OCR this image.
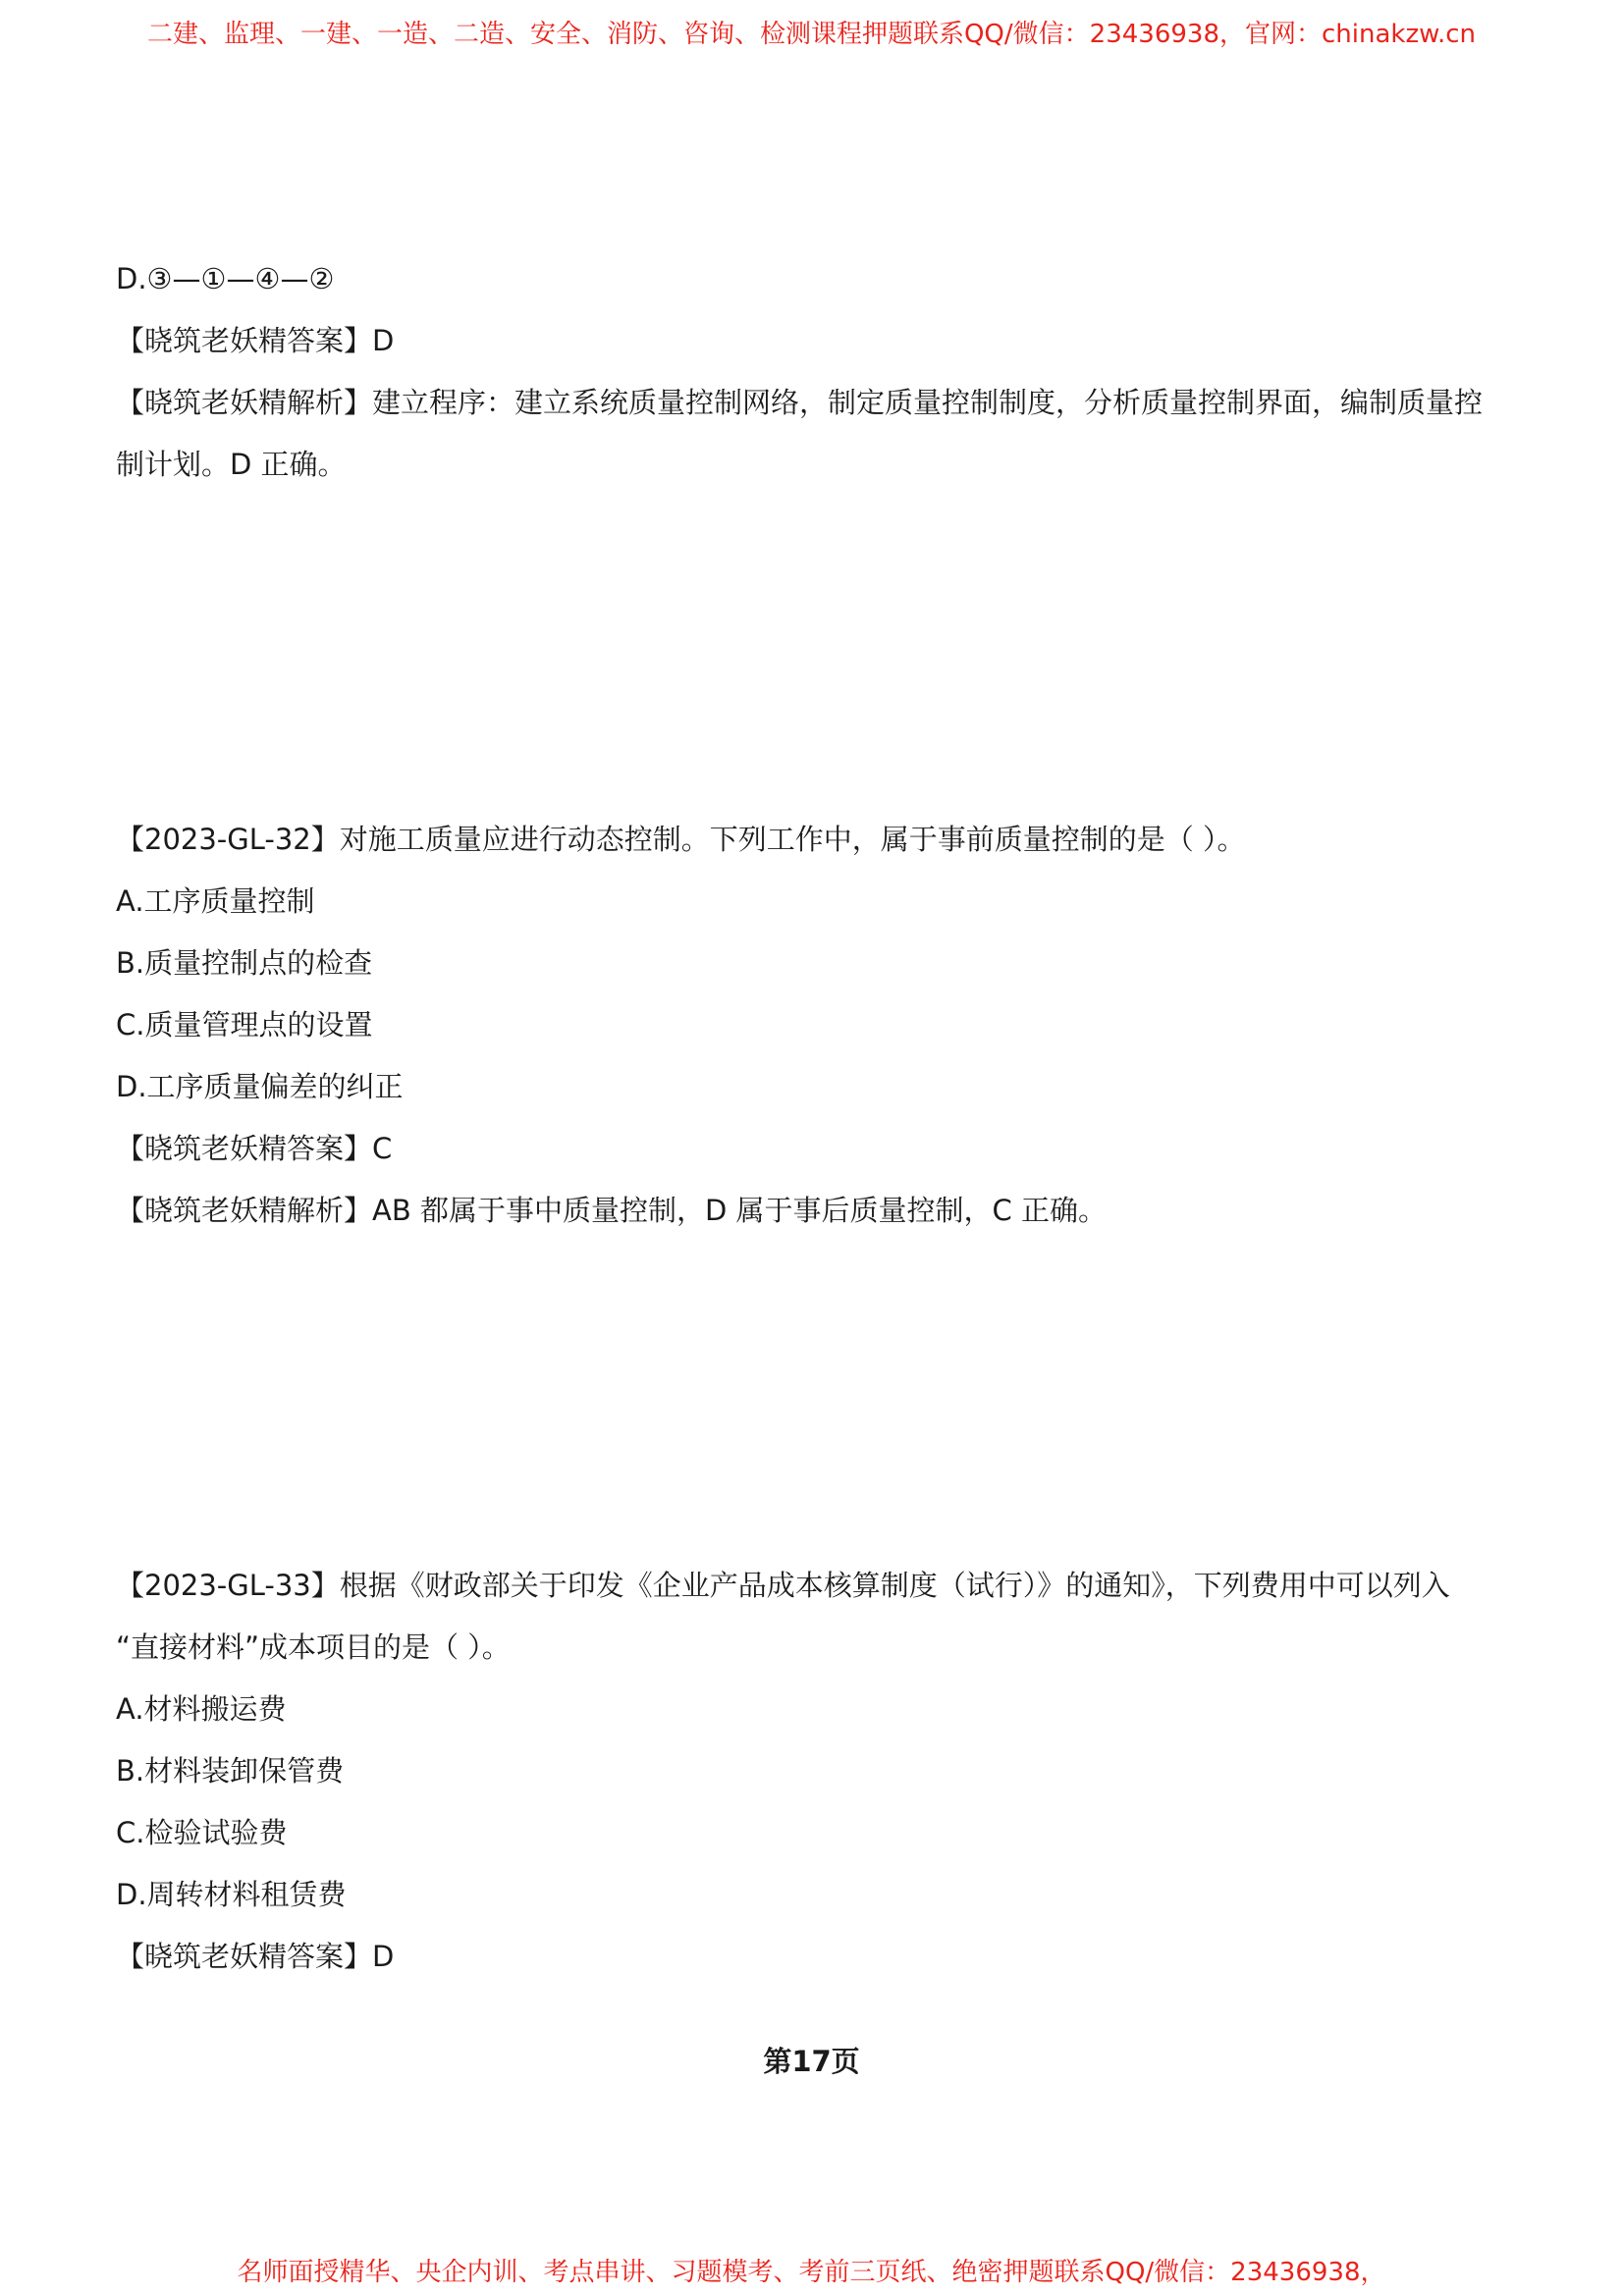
二建、监理、一建、一造、二造、安全、消防、咨询、检测课程押题联系QQ/微信：23436938，官网：chinakzw.cn
D.③—①—④—②
【晓筑老妖精答案】D
【晓筑老妖精解析】建立程序：建立系统质量控制网络，制定质量控制制度，分析质量控制界面，编制质量控
制计划。D 正确。
【2023-GL-32】对施工质量应进行动态控制。下列工作中，属于事前质量控制的是（ ）。
A.工序质量控制
B.质量控制点的检查
C.质量管理点的设置
D.工序质量偏差的纠正
【晓筑老妖精答案】C
【晓筑老妖精解析】AB 都属于事中质量控制，D 属于事后质量控制，C 正确。
【2023-GL-33】根据《财政部关于印发《企业产品成本核算制度（试行）》的通知》，下列费用中可以列入
“直接材料”成本项目的是（ ）。
A.材料搬运费
B.材料装卸保管费
C.检验试验费
D.周转材料租赁费
【晓筑老妖精答案】D
第17页
名师面授精华、央企内训、考点串讲、习题模考、考前三页纸、绝密押题联系QQ/微信：23436938，
